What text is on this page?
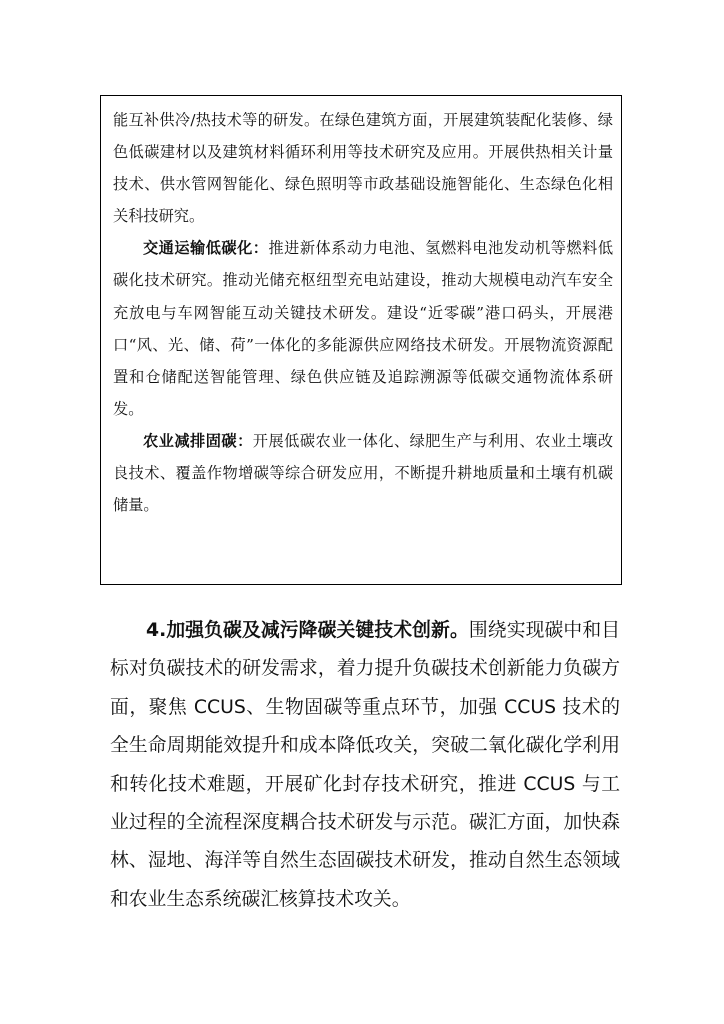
能互补供冷/热技术等的研发。在绿色建筑方面，开展建筑装配化装修、绿色低碳建材以及建筑材料循环利用等技术研究及应用。开展供热相关计量技术、供水管网智能化、绿色照明等市政基础设施智能化、生态绿色化相关科技研究。

交通运输低碳化：推进新体系动力电池、氢燃料电池发动机等燃料低碳化技术研究。推动光储充枢纽型充电站建设，推动大规模电动汽车安全充放电与车网智能互动关键技术研发。建设“近零碳”港口码头，开展港口“风、光、储、荷”一体化的多能源供应网络技术研发。开展物流资源配置和仓储配送智能管理、绿色供应链及追踪溯源等低碳交通物流体系研发。

农业减排固碳：开展低碳农业一体化、绿肥生产与利用、农业土壤改良技术、覆盖作物增碳等综合研发应用，不断提升耕地质量和土壤有机碳储量。

4.加强负碳及减污降碳关键技术创新。围绕实现碳中和目标对负碳技术的研发需求，着力提升负碳技术创新能力负碳方面，聚焦 CCUS、生物固碳等重点环节，加强 CCUS 技术的全生命周期能效提升和成本降低攻关，突破二氧化碳化学利用和转化技术难题，开展矿化封存技术研究，推进 CCUS 与工业过程的全流程深度耦合技术研发与示范。碳汇方面，加快森林、湿地、海洋等自然生态固碳技术研发，推动自然生态领域和农业生态系统碳汇核算技术攻关。
